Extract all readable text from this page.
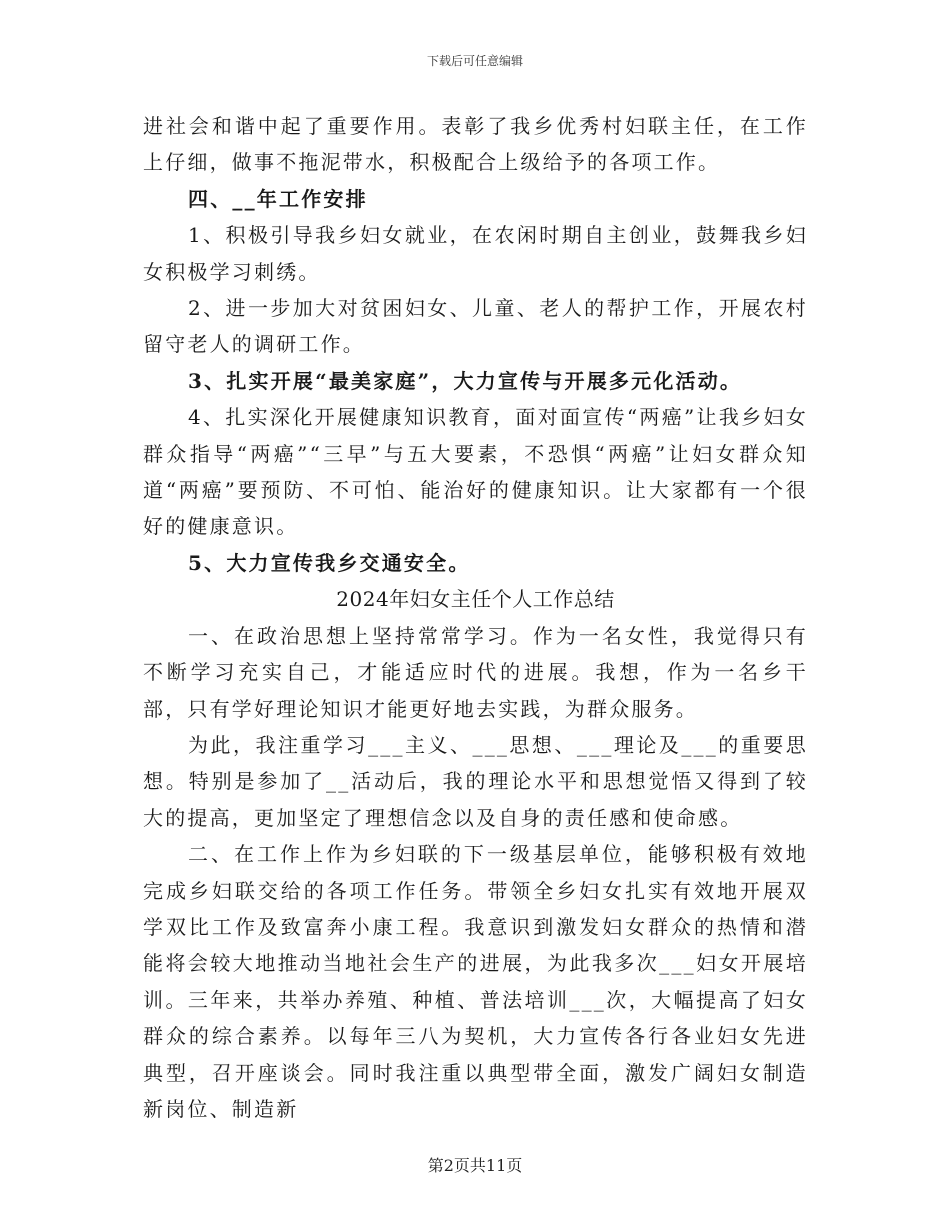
下载后可任意编辑

进社会和谐中起了重要作用。表彰了我乡优秀村妇联主任，在工作上仔细，做事不拖泥带水，积极配合上级给予的各项工作。

四、__年工作安排

1、积极引导我乡妇女就业，在农闲时期自主创业，鼓舞我乡妇女积极学习刺绣。

2、进一步加大对贫困妇女、儿童、老人的帮护工作，开展农村留守老人的调研工作。

3、扎实开展“最美家庭”，大力宣传与开展多元化活动。

4、扎实深化开展健康知识教育，面对面宣传“两癌”让我乡妇女群众指导“两癌”“三早”与五大要素，不恐惧“两癌”让妇女群众知道“两癌”要预防、不可怕、能治好的健康知识。让大家都有一个很好的健康意识。

5、大力宣传我乡交通安全。

2024年妇女主任个人工作总结

一、在政治思想上坚持常常学习。作为一名女性，我觉得只有不断学习充实自己，才能适应时代的进展。我想，作为一名乡干部，只有学好理论知识才能更好地去实践，为群众服务。

为此，我注重学习___主义、___思想、___理论及___的重要思想。特别是参加了__活动后，我的理论水平和思想觉悟又得到了较大的提高，更加坚定了理想信念以及自身的责任感和使命感。

二、在工作上作为乡妇联的下一级基层单位，能够积极有效地完成乡妇联交给的各项工作任务。带领全乡妇女扎实有效地开展双学双比工作及致富奔小康工程。我意识到激发妇女群众的热情和潜能将会较大地推动当地社会生产的进展，为此我多次___妇女开展培训。三年来，共举办养殖、种植、普法培训___次，大幅提高了妇女群众的综合素养。以每年三八为契机，大力宣传各行各业妇女先进典型，召开座谈会。同时我注重以典型带全面，激发广阔妇女制造新岗位、制造新

第2页共11页
